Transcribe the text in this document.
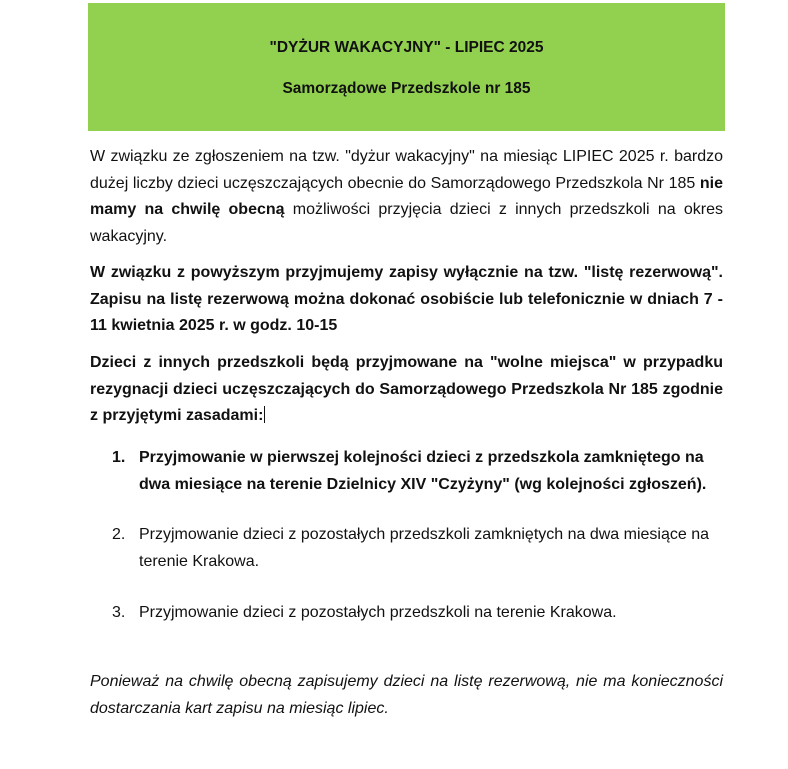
"DYŻUR WAKACYJNY" - LIPIEC 2025
Samorządowe Przedszkole nr 185
W związku ze zgłoszeniem na tzw. "dyżur wakacyjny" na miesiąc LIPIEC 2025 r. bardzo dużej liczby dzieci uczęszczających obecnie do Samorządowego Przedszkola Nr 185 nie mamy na chwilę obecną możliwości przyjęcia dzieci z innych przedszkoli na okres wakacyjny.
W związku z powyższym przyjmujemy zapisy wyłącznie na tzw. "listę rezerwową". Zapisu na listę rezerwową można dokonać osobiście lub telefonicznie w dniach 7 - 11 kwietnia 2025 r. w godz. 10-15
Dzieci z innych przedszkoli będą przyjmowane na "wolne miejsca" w przypadku rezygnacji dzieci uczęszczających do Samorządowego Przedszkola Nr 185 zgodnie z przyjętymi zasadami:
1. Przyjmowanie w pierwszej kolejności dzieci z przedszkola zamkniętego na dwa miesiące na terenie Dzielnicy XIV "Czyżyny" (wg kolejności zgłoszeń).
2. Przyjmowanie dzieci z pozostałych przedszkoli zamkniętych na dwa miesiące na terenie Krakowa.
3. Przyjmowanie dzieci z pozostałych przedszkoli na terenie Krakowa.
Ponieważ na chwilę obecną zapisujemy dzieci na listę rezerwową, nie ma konieczności dostarczania kart zapisu na miesiąc lipiec.
